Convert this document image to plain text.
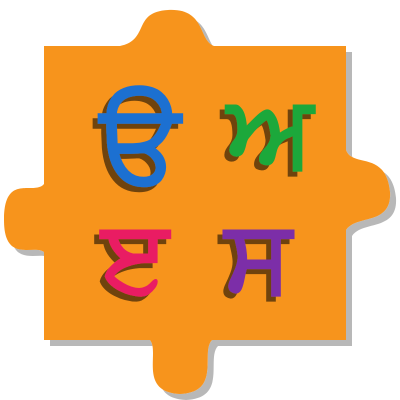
ੳ ਅ
ੲ ਸ
